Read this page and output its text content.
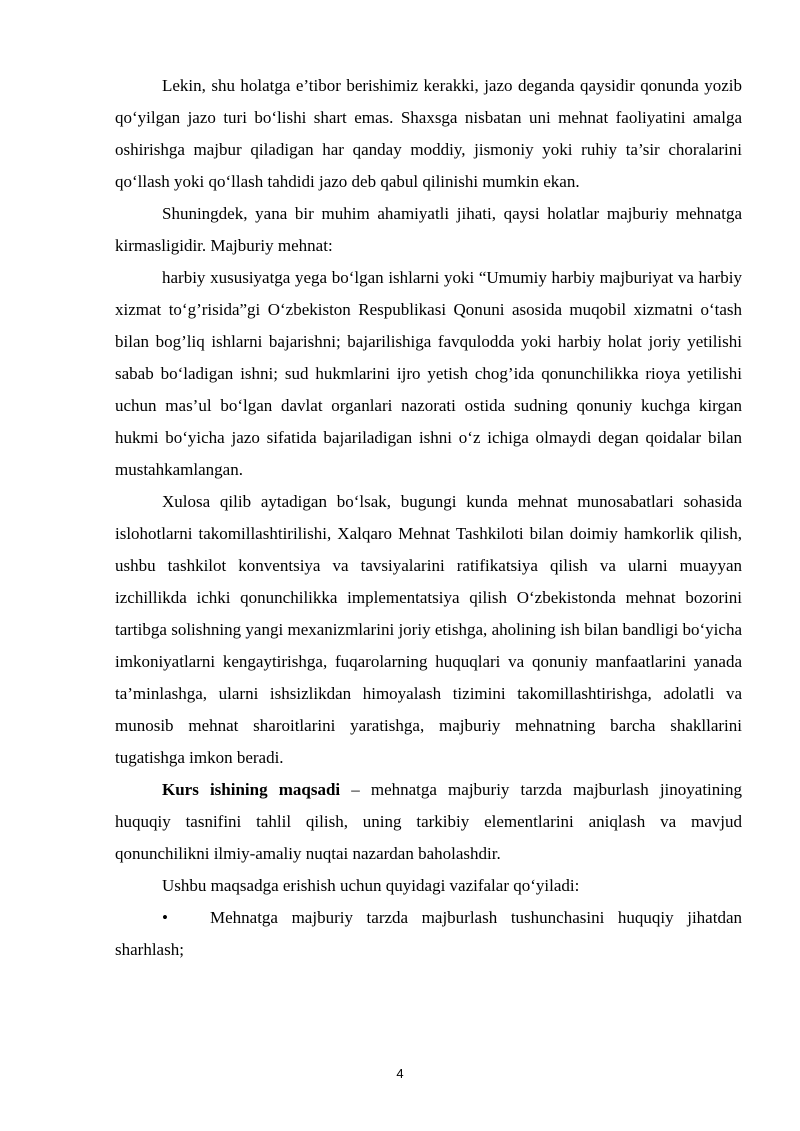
Lekin, shu holatga e’tibor berishimiz kerakki, jazo deganda qaysidir qonunda yozib qo‘yilgan jazo turi bo‘lishi shart emas. Shaxsga nisbatan uni mehnat faoliyatini amalga oshirishga majbur qiladigan har qanday moddiy, jismoniy yoki ruhiy ta’sir choralarini qo‘llash yoki qo‘llash tahdidi jazo deb qabul qilinishi mumkin ekan.

Shuningdek, yana bir muhim ahamiyatli jihati, qaysi holatlar majburiy mehnatga kirmasligidir. Majburiy mehnat:

harbiy xususiyatga yega bo‘lgan ishlarni yoki “Umumiy harbiy majburiyat va harbiy xizmat to‘g’risida”gi O‘zbekiston Respublikasi Qonuni asosida muqobil xizmatni o‘tash bilan bog’liq ishlarni bajarishni; bajarilishiga favqulodda yoki harbiy holat joriy yetilishi sabab bo‘ladigan ishni; sud hukmlarini ijro yetish chog’ida qonunchilikka rioya yetilishi uchun mas’ul bo‘lgan davlat organlari nazorati ostida sudning qonuniy kuchga kirgan hukmi bo‘yicha jazo sifatida bajariladigan ishni o‘z ichiga olmaydi degan qoidalar bilan mustahkamlangan.

Xulosa qilib aytadigan bo‘lsak, bugungi kunda mehnat munosabatlari sohasida islohotlarni takomillashtirilishi, Xalqaro Mehnat Tashkiloti bilan doimiy hamkorlik qilish, ushbu tashkilot konventsiya va tavsiyalarini ratifikatsiya qilish va ularni muayyan izchillikda ichki qonunchilikka implementatsiya qilish O‘zbekistonda mehnat bozorini tartibga solishning yangi mexanizmlarini joriy etishga, aholining ish bilan bandligi bo‘yicha imkoniyatlarni kengaytirishga, fuqarolarning huquqlari va qonuniy manfaatlarini yanada ta’minlashga, ularni ishsizlikdan himoyalash tizimini takomillashtirishga, adolatli va munosib mehnat sharoitlarini yaratishga, majburiy mehnatning barcha shakllarini tugatishga imkon beradi.

Kurs ishining maqsadi – mehnatga majburiy tarzda majburlash jinoyatining huquqiy tasnifini tahlil qilish, uning tarkibiy elementlarini aniqlash va mavjud qonunchilikni ilmiy-amaliy nuqtai nazardan baholashdir.

Ushbu maqsadga erishish uchun quyidagi vazifalar qo‘yiladi:

• Mehnatga majburiy tarzda majburlash tushunchasini huquqiy jihatdan sharhlash;

4
